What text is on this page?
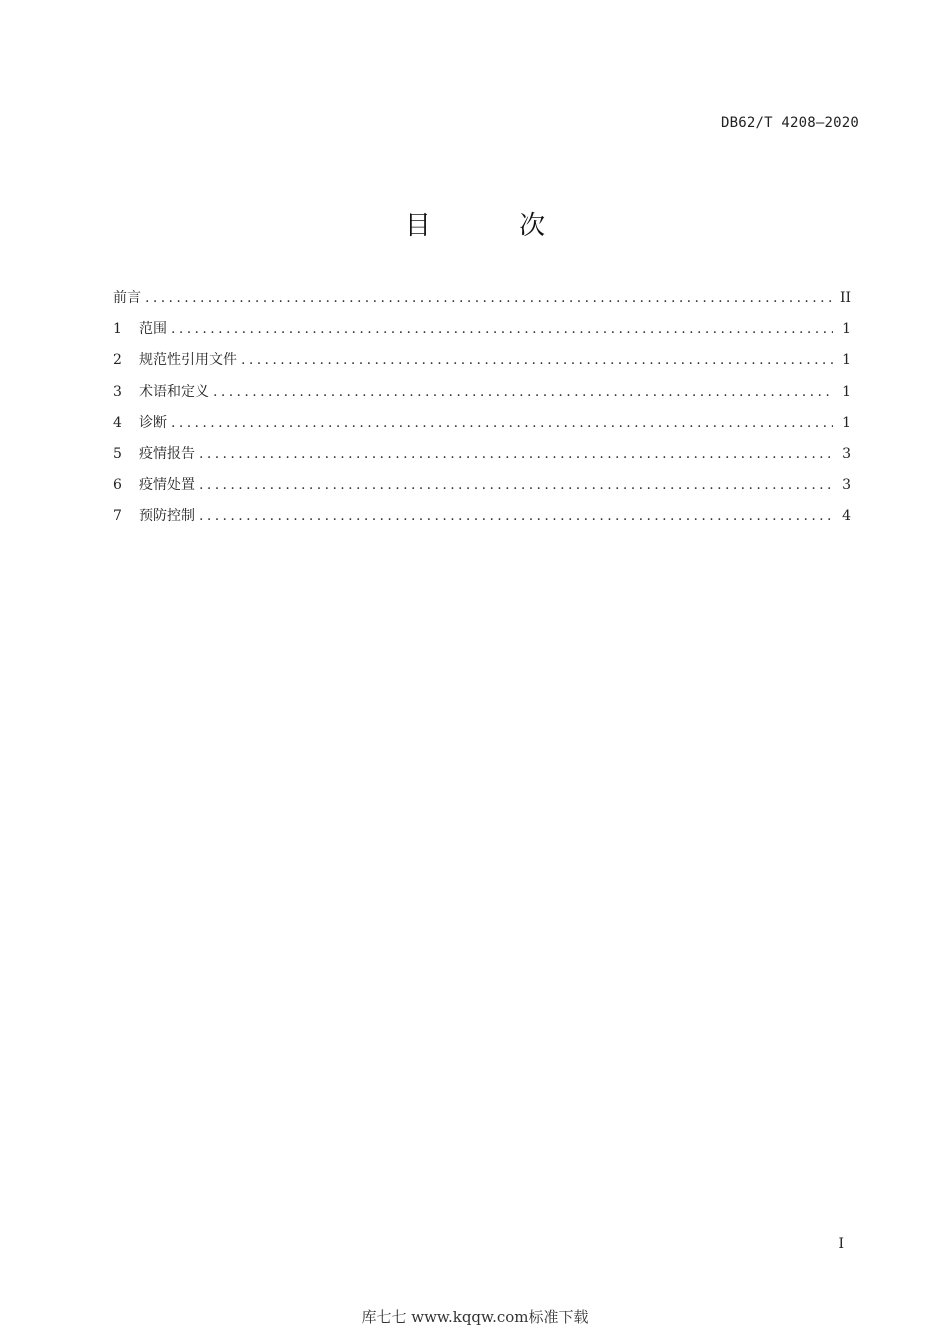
DB62/T 4208—2020
目 次
前言 .....	II
1	范围 .....	1
2	规范性引用文件 .....	1
3	术语和定义 .....	1
4	诊断 .....	1
5	疫情报告 .....	3
6	疫情处置 .....	3
7	预防控制 .....	4
I
库七七 www.kqqw.com标准下载
